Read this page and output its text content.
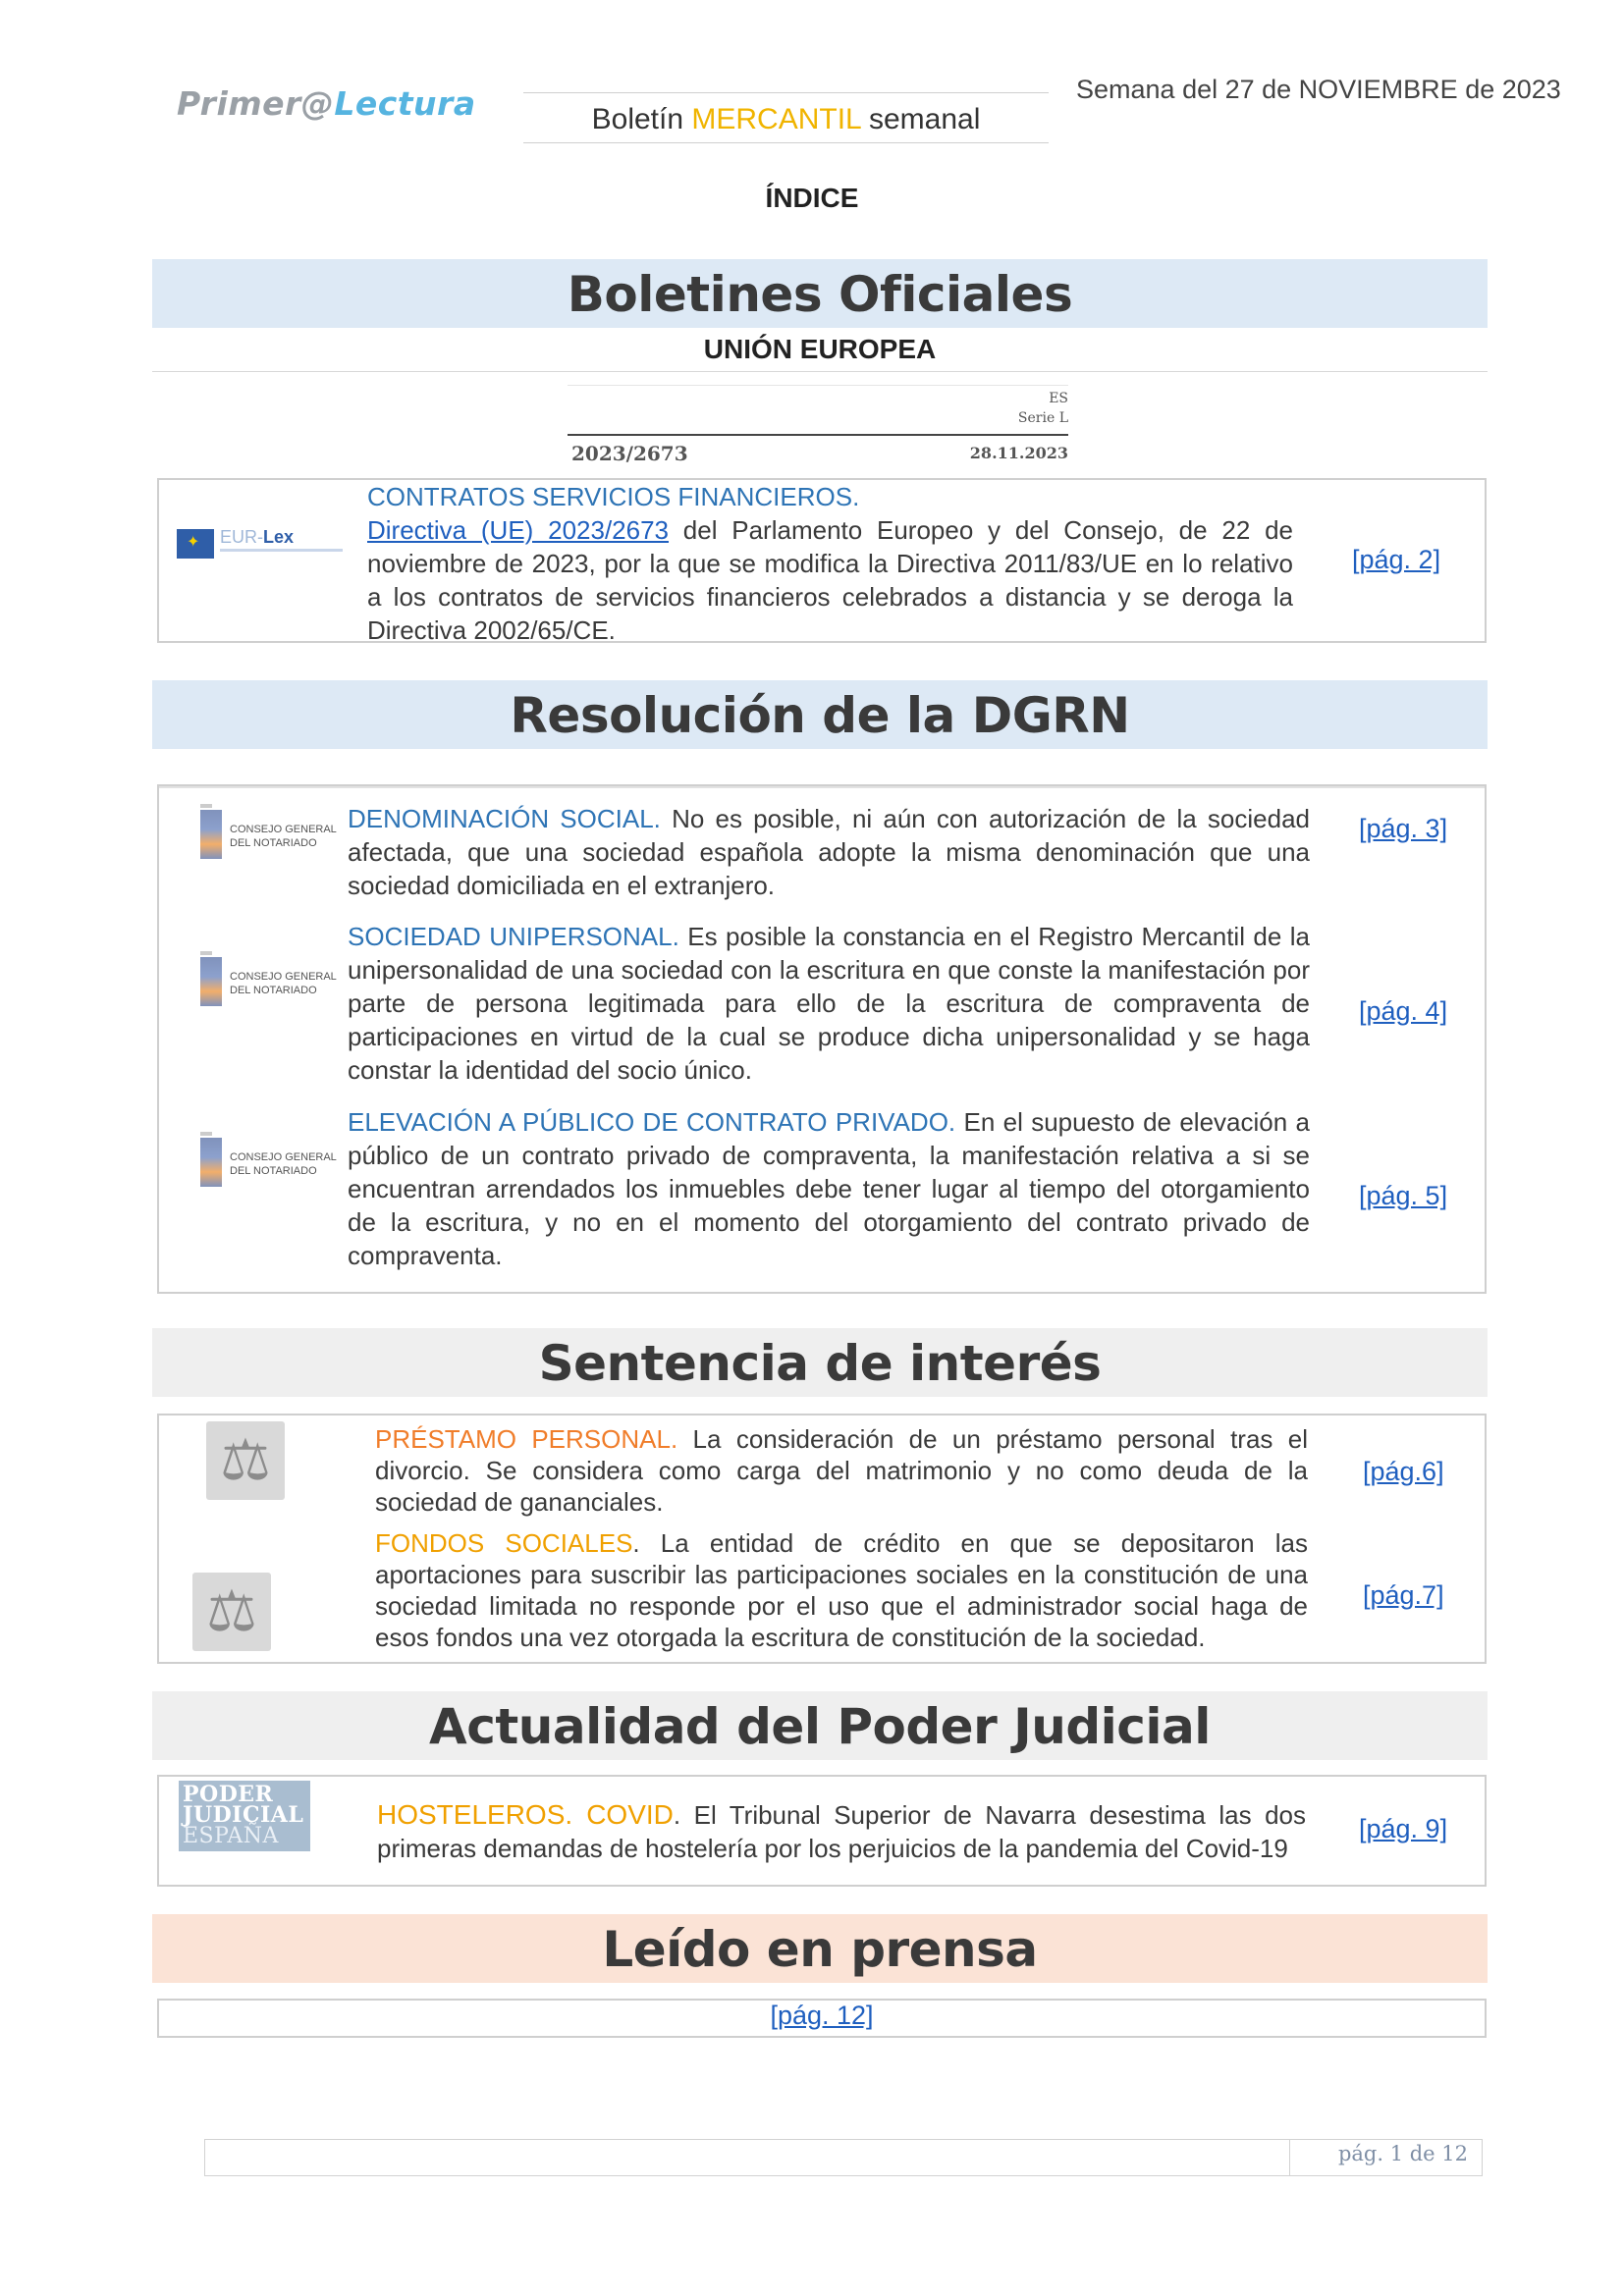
Primer@Lectura	Boletín MERCANTIL semanal
Semana del 27 de NOVIEMBRE de 2023
ÍNDICE
Boletines Oficiales
UNIÓN EUROPEA
ES
Serie L
2023/2673	28.11.2023
✦
EUR-Lex
CONTRATOS SERVICIOS FINANCIEROS.
Directiva (UE) 2023/2673 del Parlamento Europeo y del Consejo, de 22 de noviembre de 2023, por la que se modifica la Directiva 2011/83/UE en lo relativo a los contratos de servicios financieros celebrados a distancia y se deroga la Directiva 2002/65/CE.
[pág. 2]
Resolución de la DGRN
CONSEJO GENERAL
DEL NOTARIADO
DENOMINACIÓN SOCIAL. No es posible, ni aún con autorización de la sociedad afectada, que una sociedad española adopte la misma denominación que una sociedad domiciliada en el extranjero.
[pág. 3]
CONSEJO GENERAL
DEL NOTARIADO
SOCIEDAD UNIPERSONAL. Es posible la constancia en el Registro Mercantil de la unipersonalidad de una sociedad con la escritura en que conste la manifestación por parte de persona legitimada para ello de la escritura de compraventa de participaciones en virtud de la cual se produce dicha unipersonalidad y se haga constar la identidad del socio único.
[pág. 4]
CONSEJO GENERAL
DEL NOTARIADO
ELEVACIÓN A PÚBLICO DE CONTRATO PRIVADO. En el supuesto de elevación a público de un contrato privado de compraventa, la manifestación relativa a si se encuentran arrendados los inmuebles debe tener lugar al tiempo del otorgamiento de la escritura, y no en el momento del otorgamiento del contrato privado de compraventa.
[pág. 5]
Sentencia de interés
⚖
PRÉSTAMO PERSONAL. La consideración de un préstamo personal tras el divorcio. Se considera como carga del matrimonio y no como deuda de la sociedad de gananciales.
[pág.6]
⚖
FONDOS SOCIALES. La entidad de crédito en que se depositaron las aportaciones para suscribir las participaciones sociales en la constitución de una sociedad limitada no responde por el uso que el administrador social haga de esos fondos una vez otorgada la escritura de constitución de la sociedad.
[pág.7]
Actualidad del Poder Judicial
PODER
JUDICIAL
ESPAÑA
HOSTELEROS. COVID. El Tribunal Superior de Navarra desestima las dos primeras demandas de hostelería por los perjuicios de la pandemia del Covid-19
[pág. 9]
Leído en prensa
[pág. 12]
pág. 1 de 12
